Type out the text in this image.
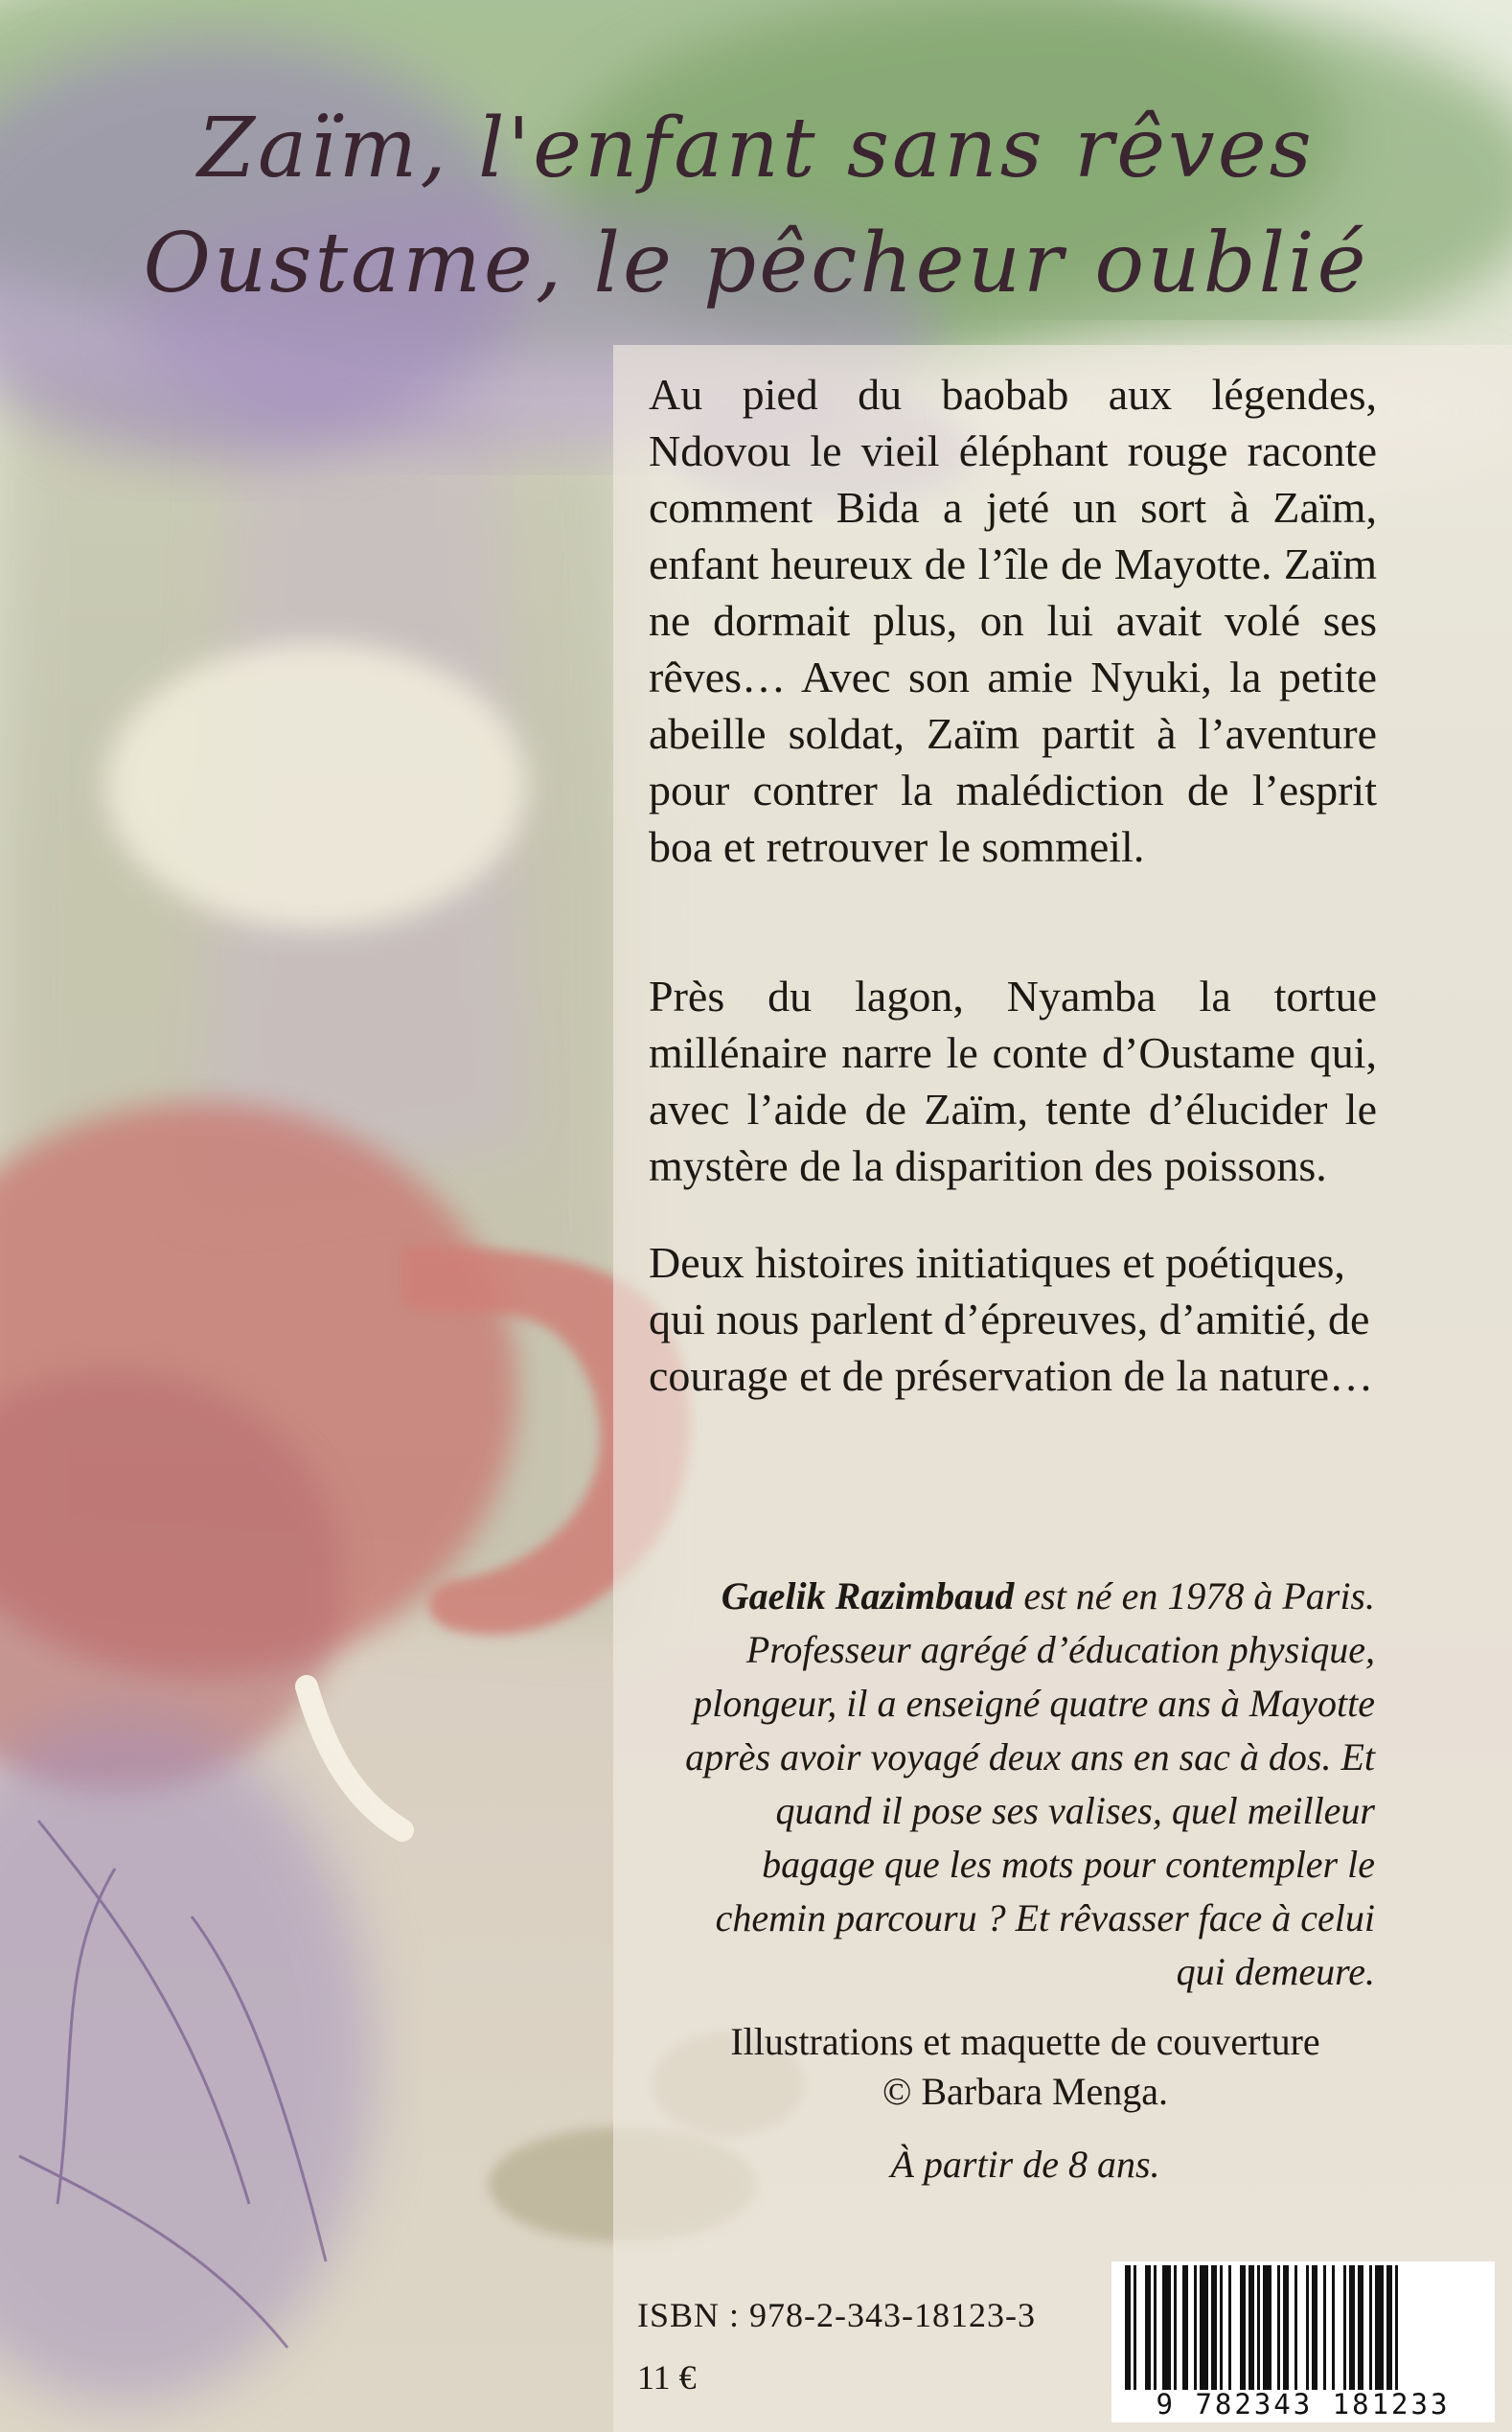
Zaïm, l'enfant sans rêves
Oustame, le pêcheur oublié

Au pied du baobab aux légendes, Ndovou le vieil éléphant rouge raconte comment Bida a jeté un sort à Zaïm, enfant heureux de l’île de Mayotte. Zaïm ne dormait plus, on lui avait volé ses rêves… Avec son amie Nyuki, la petite abeille soldat, Zaïm partit à l’aventure pour contrer la malédiction de l’esprit boa et retrouver le sommeil.

Près du lagon, Nyamba la tortue millénaire narre le conte d’Oustame qui, avec l’aide de Zaïm, tente d’élucider le mystère de la disparition des poissons.

Deux histoires initiatiques et poétiques, qui nous parlent d’épreuves, d’amitié, de courage et de préservation de la nature…

Gaelik Razimbaud est né en 1978 à Paris. Professeur agrégé d’éducation physique, plongeur, il a enseigné quatre ans à Mayotte après avoir voyagé deux ans en sac à dos. Et quand il pose ses valises, quel meilleur bagage que les mots pour contempler le chemin parcouru ? Et rêvasser face à celui qui demeure.

Illustrations et maquette de couverture
© Barbara Menga.
À partir de 8 ans.
ISBN : 978-2-343-18123-3
11 €
9 782343 181233
